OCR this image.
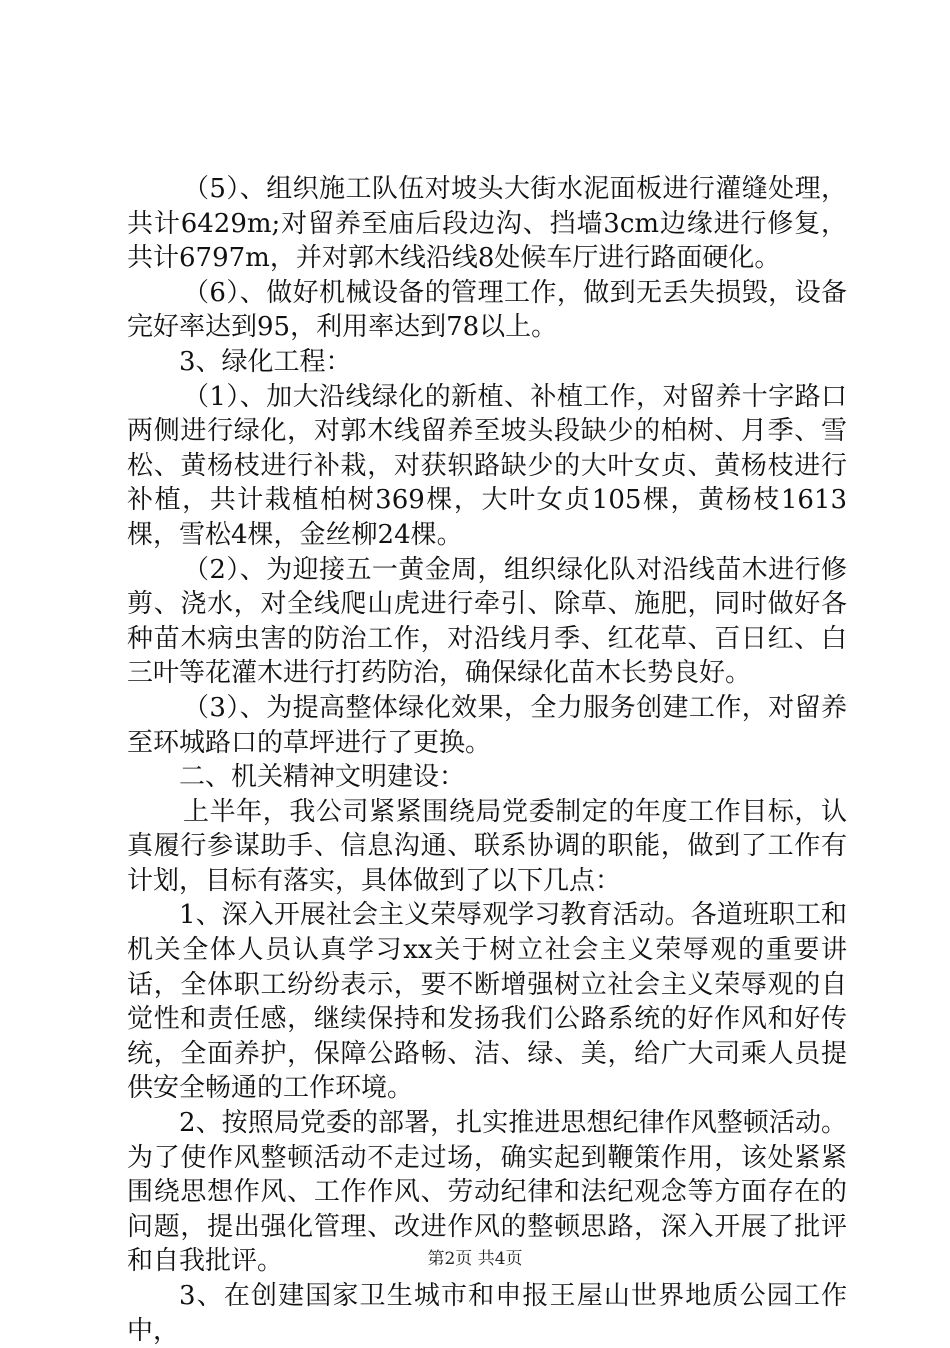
（5）、组织施工队伍对坡头大街水泥面板进行灌缝处理，共计6429m;对留养至庙后段边沟、挡墙3cm边缘进行修复，共计6797m，并对郭木线沿线8处候车厅进行路面硬化。

（6）、做好机械设备的管理工作，做到无丢失损毁，设备完好率达到95，利用率达到78以上。

3、绿化工程：

（1）、加大沿线绿化的新植、补植工作，对留养十字路口两侧进行绿化，对郭木线留养至坡头段缺少的柏树、月季、雪松、黄杨枝进行补栽，对获轵路缺少的大叶女贞、黄杨枝进行补植，共计栽植柏树369棵，大叶女贞105棵，黄杨枝1613棵，雪松4棵，金丝柳24棵。

（2）、为迎接五一黄金周，组织绿化队对沿线苗木进行修剪、浇水，对全线爬山虎进行牵引、除草、施肥，同时做好各种苗木病虫害的防治工作，对沿线月季、红花草、百日红、白三叶等花灌木进行打药防治，确保绿化苗木长势良好。

（3）、为提高整体绿化效果，全力服务创建工作，对留养至环城路口的草坪进行了更换。

二、机关精神文明建设：

上半年，我公司紧紧围绕局党委制定的年度工作目标，认真履行参谋助手、信息沟通、联系协调的职能，做到了工作有计划，目标有落实，具体做到了以下几点：

1、深入开展社会主义荣辱观学习教育活动。各道班职工和机关全体人员认真学习xx关于树立社会主义荣辱观的重要讲话，全体职工纷纷表示，要不断增强树立社会主义荣辱观的自觉性和责任感，继续保持和发扬我们公路系统的好作风和好传统，全面养护，保障公路畅、洁、绿、美，给广大司乘人员提供安全畅通的工作环境。

2、按照局党委的部署，扎实推进思想纪律作风整顿活动。为了使作风整顿活动不走过场，确实起到鞭策作用，该处紧紧围绕思想作风、工作作风、劳动纪律和法纪观念等方面存在的问题，提出强化管理、改进作风的整顿思路，深入开展了批评和自我批评。

3、在创建国家卫生城市和申报王屋山世界地质公园工作中，

第2页 共4页
